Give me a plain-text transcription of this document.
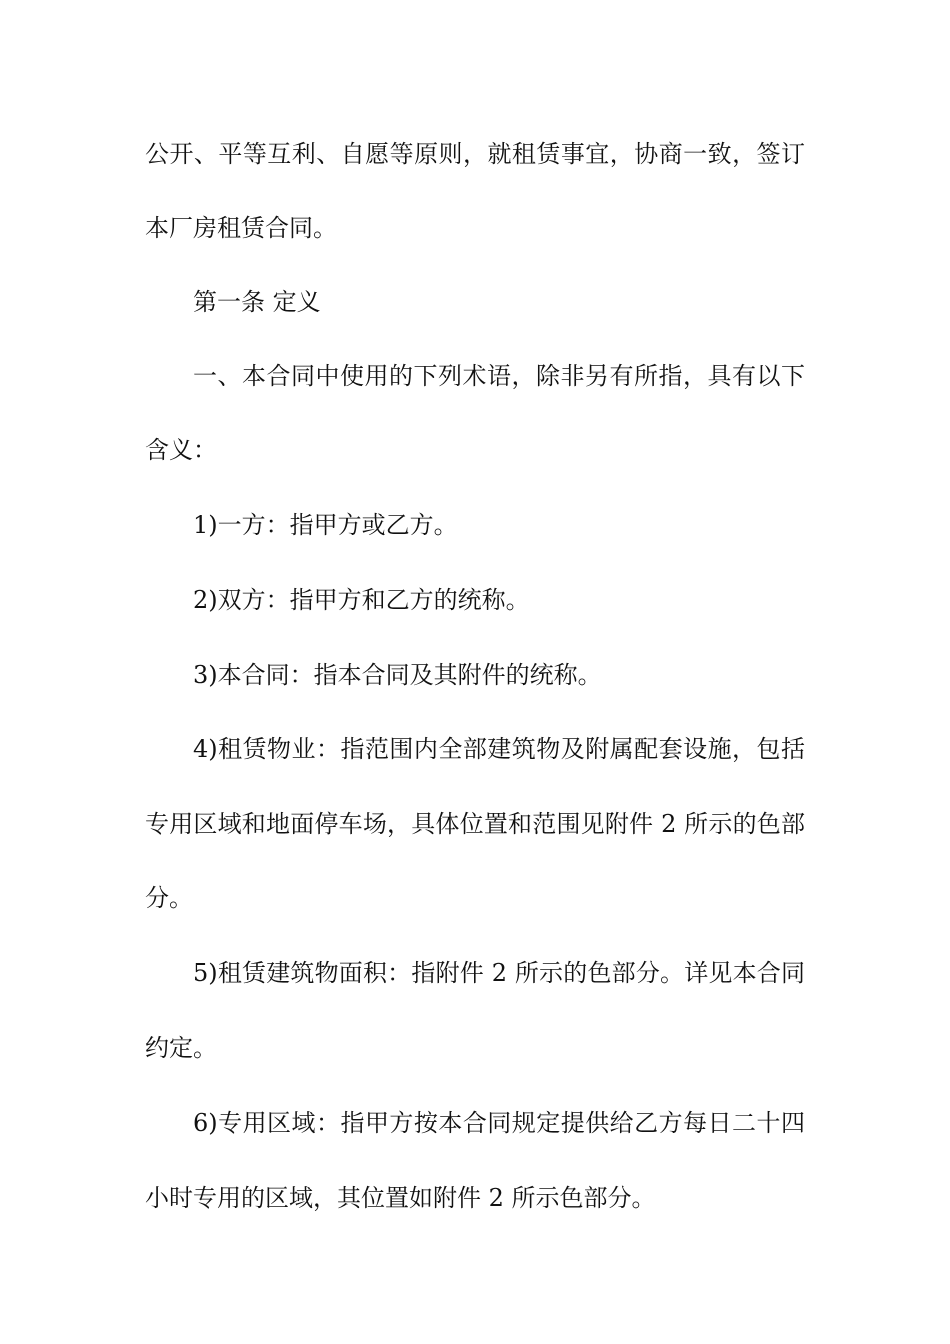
公开、平等互利、自愿等原则，就租赁事宜，协商一致，签订
本厂房租赁合同。
第一条 定义
一、本合同中使用的下列术语，除非另有所指，具有以下
含义：
1)一方：指甲方或乙方。
2)双方：指甲方和乙方的统称。
3)本合同：指本合同及其附件的统称。
4)租赁物业：指范围内全部建筑物及附属配套设施，包括
专用区域和地面停车场，具体位置和范围见附件 2 所示的色部
分。
5)租赁建筑物面积：指附件 2 所示的色部分。详见本合同
约定。
6)专用区域：指甲方按本合同规定提供给乙方每日二十四
小时专用的区域，其位置如附件 2 所示色部分。
